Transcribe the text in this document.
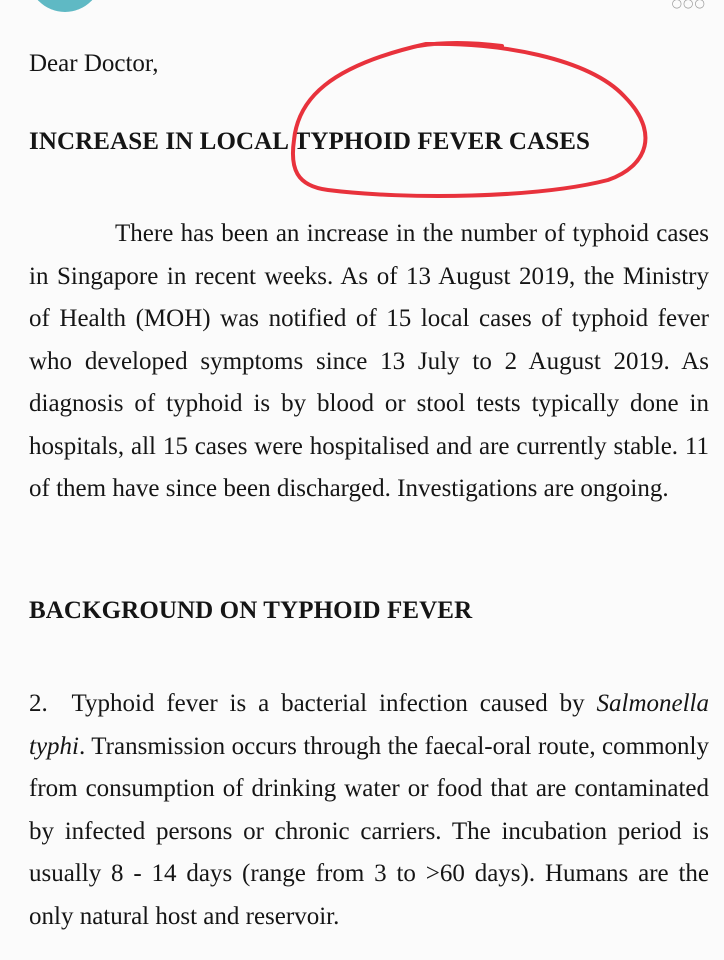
○○○
Dear Doctor,
INCREASE IN LOCAL TYPHOID FEVER CASES
There has been an increase in the number of typhoid cases in Singapore in recent weeks. As of 13 August 2019, the Ministry of Health (MOH) was notified of 15 local cases of typhoid fever who developed symptoms since 13 July to 2 August 2019. As diagnosis of typhoid is by blood or stool tests typically done in hospitals, all 15 cases were hospitalised and are currently stable. 11 of them have since been discharged. Investigations are ongoing.
BACKGROUND ON TYPHOID FEVER
2. Typhoid fever is a bacterial infection caused by Salmonella typhi. Transmission occurs through the faecal-oral route, commonly from consumption of drinking water or food that are contaminated by infected persons or chronic carriers. The incubation period is usually 8 - 14 days (range from 3 to >60 days). Humans are the only natural host and reservoir.
